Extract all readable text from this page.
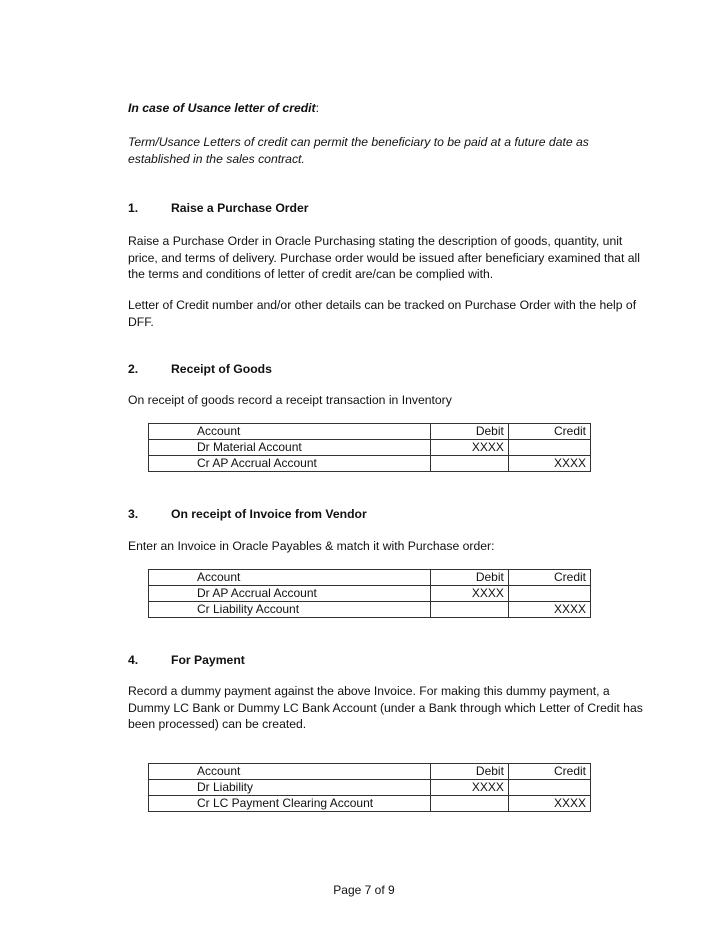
In case of Usance letter of credit:

Term/Usance Letters of credit can permit the beneficiary to be paid at a future date as established in the sales contract.

1.	Raise a Purchase Order

Raise a Purchase Order in Oracle Purchasing stating the description of goods, quantity, unit price, and terms of delivery. Purchase order would be issued after beneficiary examined that all the terms and conditions of letter of credit are/can be complied with.

Letter of Credit number and/or other details can be tracked on Purchase Order with the help of DFF.

2.	Receipt of Goods

On receipt of goods record a receipt transaction in Inventory

Account	Debit	Credit
Dr Material Account	XXXX	
Cr AP Accrual Account		XXXX

3.	On receipt of Invoice from Vendor

Enter an Invoice in Oracle Payables & match it with Purchase order:

Account	Debit	Credit
Dr AP Accrual Account	XXXX	
Cr Liability Account		XXXX

4.	For Payment

Record a dummy payment against the above Invoice. For making this dummy payment, a Dummy LC Bank or Dummy LC Bank Account (under a Bank through which Letter of Credit has been processed) can be created.

Account	Debit	Credit
Dr Liability	XXXX	
Cr LC Payment Clearing Account		XXXX
Page 7 of 9
